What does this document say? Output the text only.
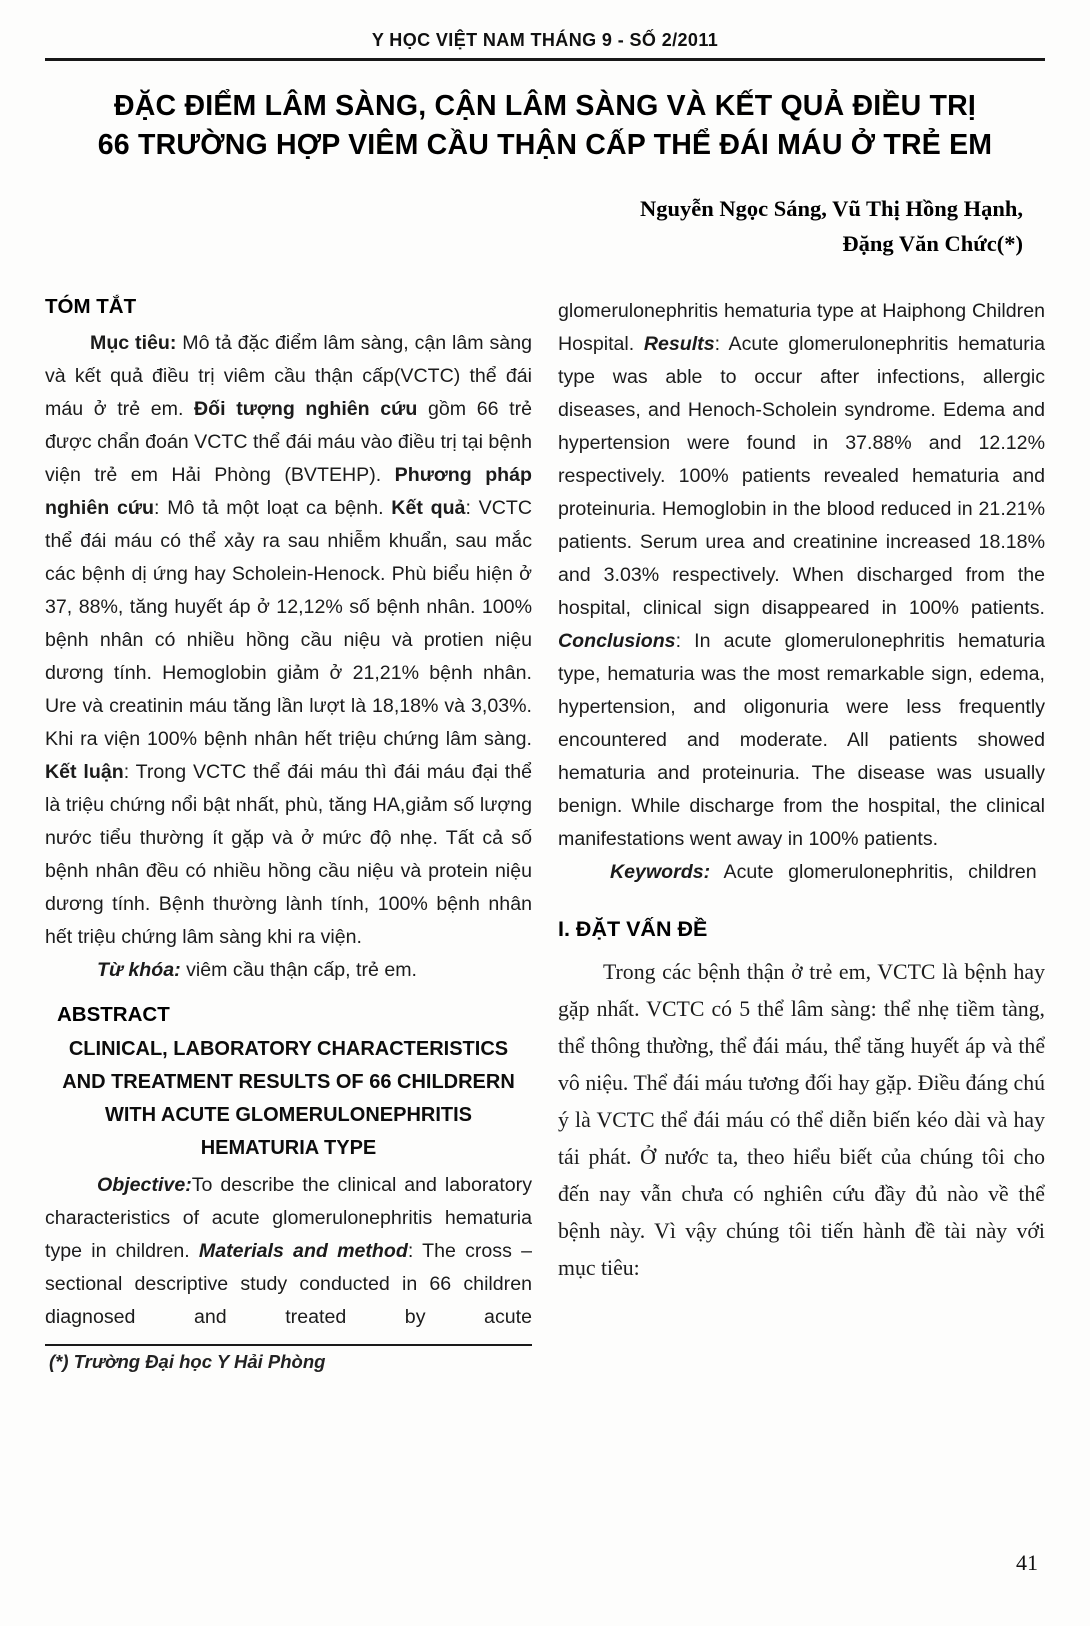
Y HỌC VIỆT NAM THÁNG 9 - SỐ 2/2011
ĐẶC ĐIỂM LÂM SÀNG, CẬN LÂM SÀNG VÀ KẾT QUẢ ĐIỀU TRỊ
66 TRƯỜNG HỢP VIÊM CẦU THẬN CẤP THỂ ĐÁI MÁU Ở TRẺ EM
Nguyễn Ngọc Sáng, Vũ Thị Hồng Hạnh,
Đặng Văn Chức(*)
TÓM TẮT

Mục tiêu: Mô tả đặc điểm lâm sàng, cận lâm sàng và kết quả điều trị viêm cầu thận cấp(VCTC) thể đái máu ở trẻ em. Đối tượng nghiên cứu gồm 66 trẻ được chẩn đoán VCTC thể đái máu vào điều trị tại bệnh viện trẻ em Hải Phòng (BVTEHP). Phương pháp nghiên cứu: Mô tả một loạt ca bệnh. Kết quả: VCTC thể đái máu có thể xảy ra sau nhiễm khuẩn, sau mắc các bệnh dị ứng hay Scholein-Henock. Phù biểu hiện ở 37, 88%, tăng huyết áp ở 12,12% số bệnh nhân. 100% bệnh nhân có nhiều hồng cầu niệu và protien niệu dương tính. Hemoglobin giảm ở 21,21% bệnh nhân. Ure và creatinin máu tăng lần lượt là 18,18% và 3,03%. Khi ra viện 100% bệnh nhân hết triệu chứng lâm sàng. Kết luận: Trong VCTC thể đái máu thì đái máu đại thể là triệu chứng nổi bật nhất, phù, tăng HA,giảm số lượng nước tiểu thường ít gặp và ở mức độ nhẹ. Tất cả số bệnh nhân đều có nhiều hồng cầu niệu và protein niệu dương tính. Bệnh thường lành tính, 100% bệnh nhân hết triệu chứng lâm sàng khi ra viện.

Từ khóa: viêm cầu thận cấp, trẻ em.

ABSTRACT
CLINICAL, LABORATORY CHARACTERISTICS AND TREATMENT RESULTS OF 66 CHILDRERN WITH ACUTE GLOMERULONEPHRITIS HEMATURIA TYPE

Objective:To describe the clinical and laboratory characteristics of acute glomerulonephritis hematuria type in children. Materials and method: The cross – sectional descriptive study conducted in 66 children diagnosed and treated by acute

(*) Trường Đại học Y Hải Phòng

glomerulonephritis hematuria type at Haiphong Children Hospital. Results: Acute glomerulonephritis hematuria type was able to occur after infections, allergic diseases, and Henoch-Scholein syndrome. Edema and hypertension were found in 37.88% and 12.12% respectively. 100% patients revealed hematuria and proteinuria. Hemoglobin in the blood reduced in 21.21% patients. Serum urea and creatinine increased 18.18% and 3.03% respectively. When discharged from the hospital, clinical sign disappeared in 100% patients. Conclusions: In acute glomerulonephritis hematuria type, hematuria was the most remarkable sign, edema, hypertension, and oligonuria were less frequently encountered and moderate. All patients showed hematuria and proteinuria. The disease was usually benign. While discharge from the hospital, the clinical manifestations went away in 100% patients.

Keywords: Acute glomerulonephritis, children

I. ĐẶT VẤN ĐỀ

Trong các bệnh thận ở trẻ em, VCTC là bệnh hay gặp nhất. VCTC có 5 thể lâm sàng: thể nhẹ tiềm tàng, thể thông thường, thể đái máu, thể tăng huyết áp và thể vô niệu. Thể đái máu tương đối hay gặp. Điều đáng chú ý là VCTC thể đái máu có thể diễn biến kéo dài và hay tái phát. Ở nước ta, theo hiểu biết của chúng tôi cho đến nay vẫn chưa có nghiên cứu đầy đủ nào về thể bệnh này. Vì vậy chúng tôi tiến hành đề tài này với mục tiêu:

41
